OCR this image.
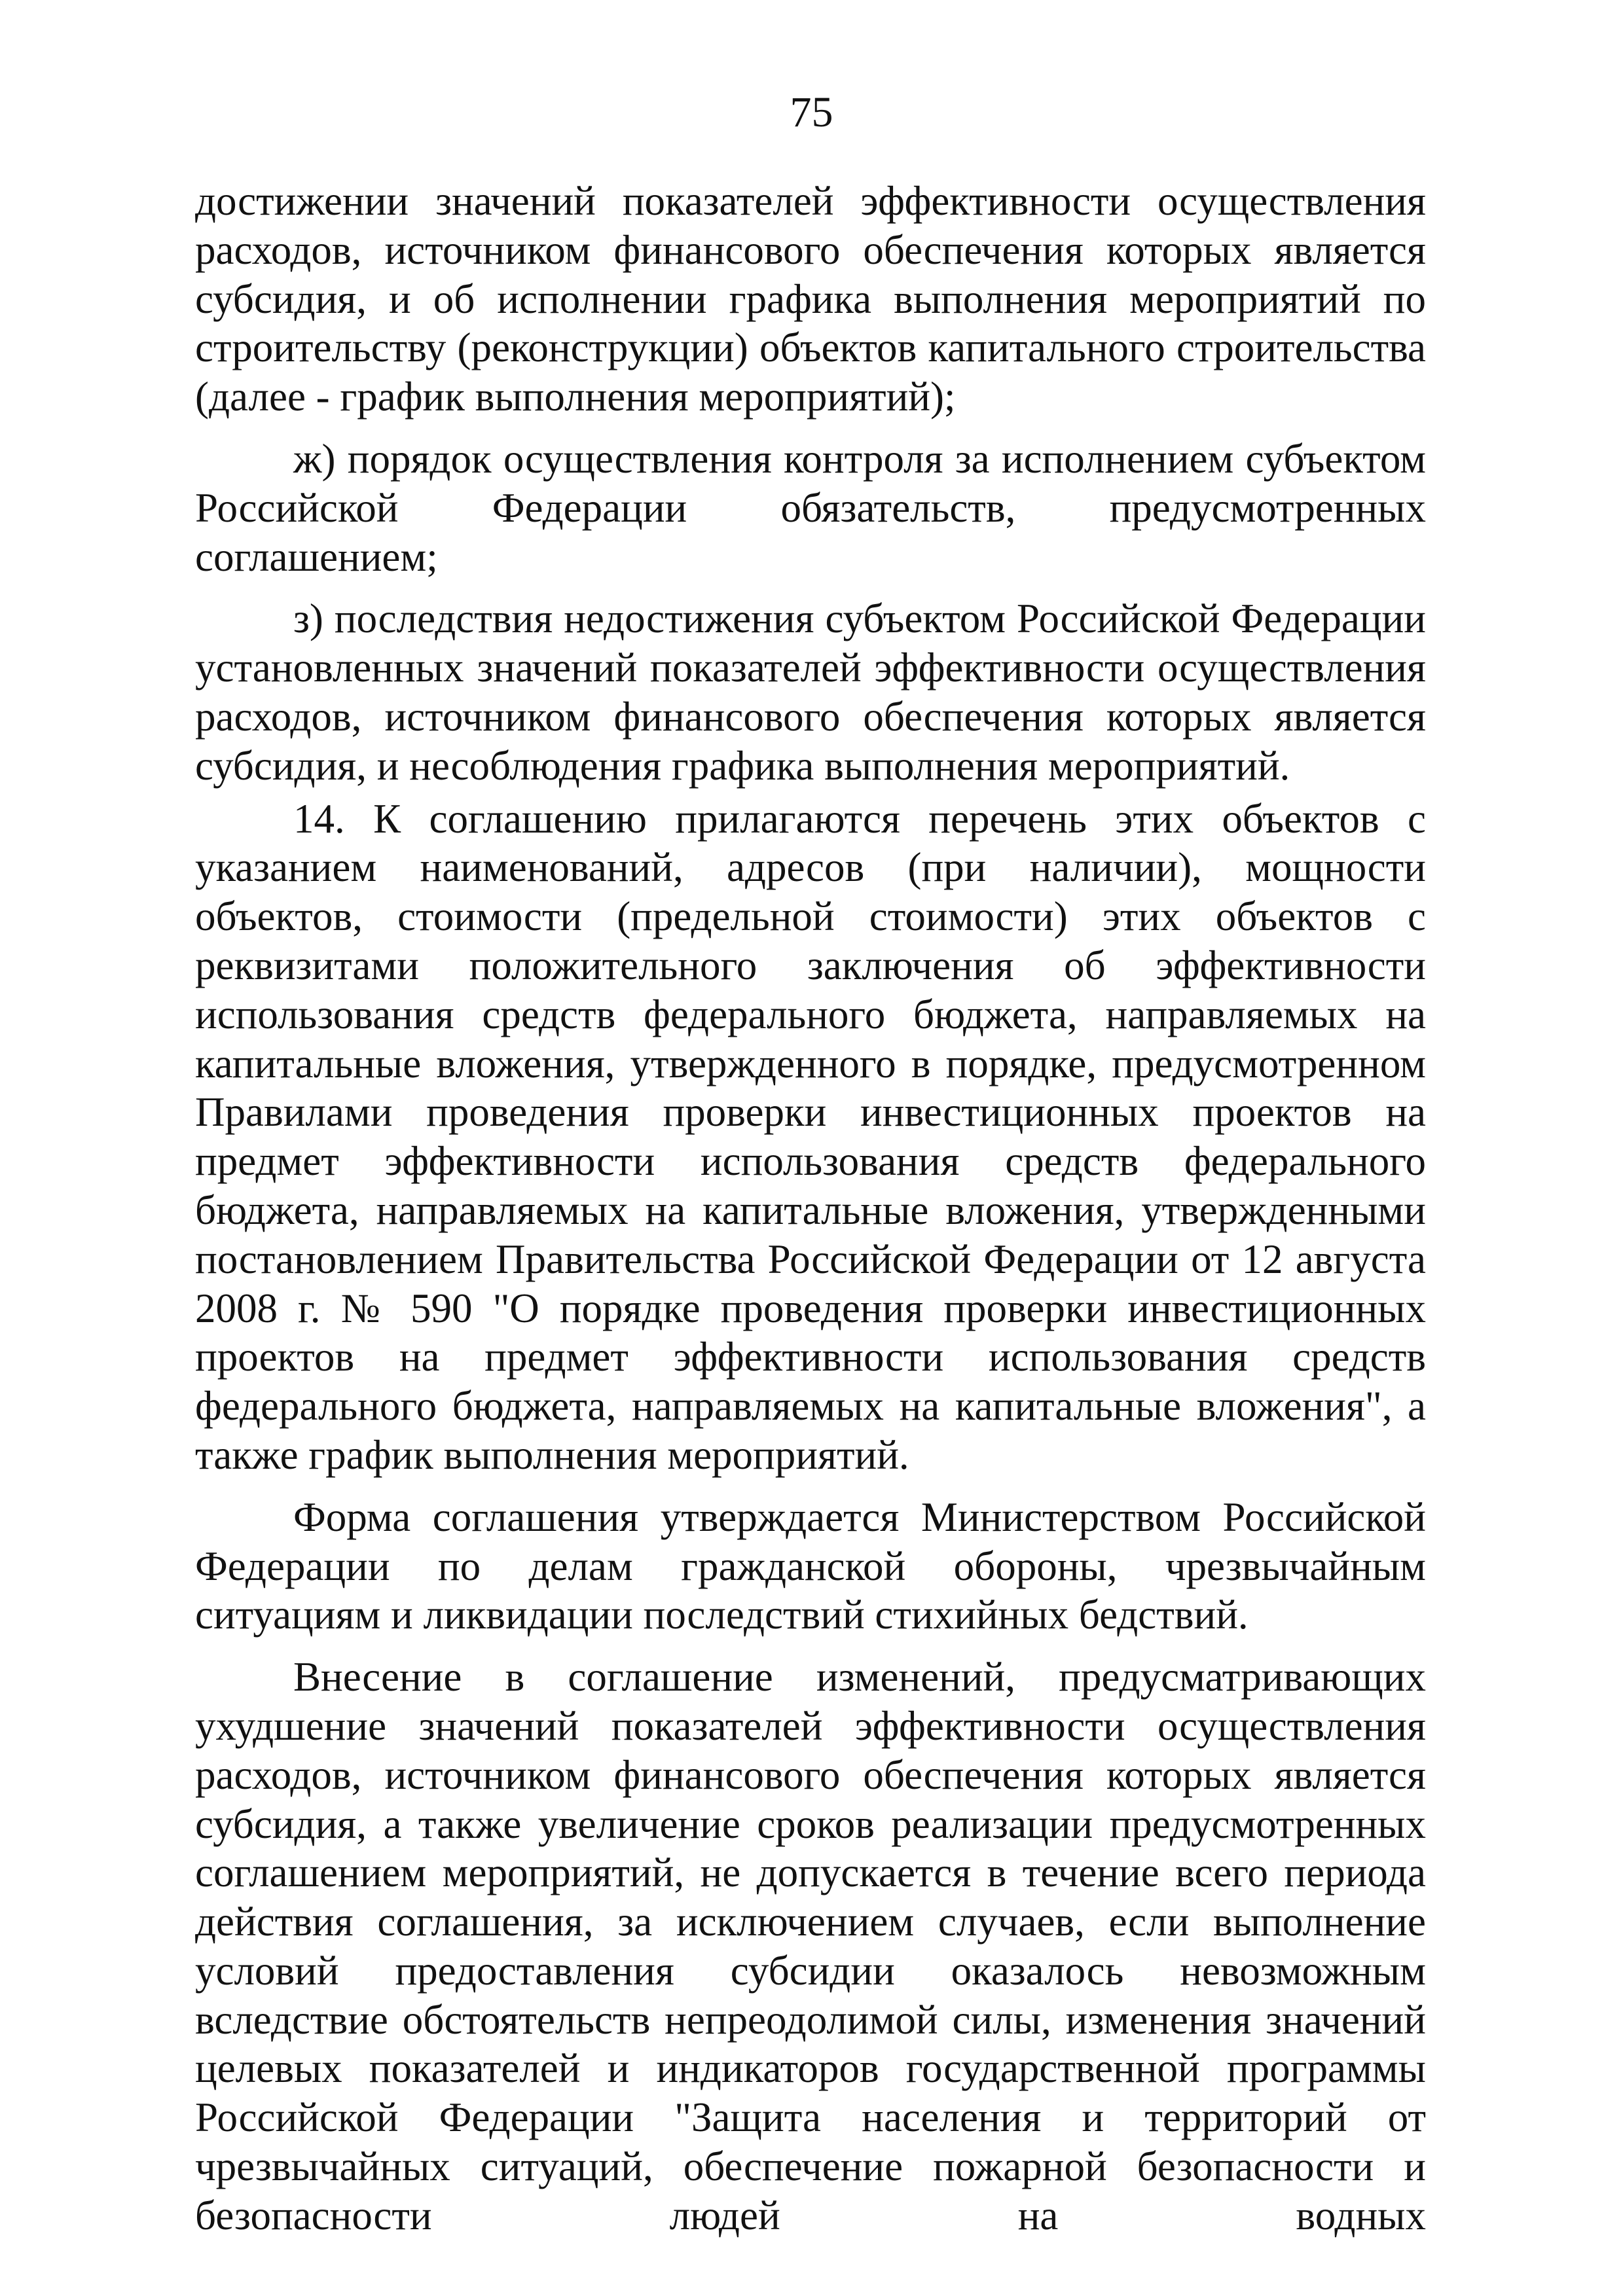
75

достижении значений показателей эффективности осуществления расходов, источником финансового обеспечения которых является субсидия, и об исполнении графика выполнения мероприятий по строительству (реконструкции) объектов капитального строительства (далее - график выполнения мероприятий);

ж) порядок осуществления контроля за исполнением субъектом Российской Федерации обязательств, предусмотренных соглашением;

з) последствия недостижения субъектом Российской Федерации установленных значений показателей эффективности осуществления расходов, источником финансового обеспечения которых является субсидия, и несоблюдения графика выполнения мероприятий.

14. К соглашению прилагаются перечень этих объектов с указанием наименований, адресов (при наличии), мощности объектов, стоимости (предельной стоимости) этих объектов с реквизитами положительного заключения об эффективности использования средств федерального бюджета, направляемых на капитальные вложения, утвержденного в порядке, предусмотренном Правилами проведения проверки инвестиционных проектов на предмет эффективности использования средств федерального бюджета, направляемых на капитальные вложения, утвержденными постановлением Правительства Российской Федерации от 12 августа 2008 г. № 590 "О порядке проведения проверки инвестиционных проектов на предмет эффективности использования средств федерального бюджета, направляемых на капитальные вложения", а также график выполнения мероприятий.

Форма соглашения утверждается Министерством Российской Федерации по делам гражданской обороны, чрезвычайным ситуациям и ликвидации последствий стихийных бедствий.

Внесение в соглашение изменений, предусматривающих ухудшение значений показателей эффективности осуществления расходов, источником финансового обеспечения которых является субсидия, а также увеличение сроков реализации предусмотренных соглашением мероприятий, не допускается в течение всего периода действия соглашения, за исключением случаев, если выполнение условий предоставления субсидии оказалось невозможным вследствие обстоятельств непреодолимой силы, изменения значений целевых показателей и индикаторов государственной программы Российской Федерации "Защита населения и территорий от чрезвычайных ситуаций, обеспечение пожарной безопасности и безопасности людей на водных
